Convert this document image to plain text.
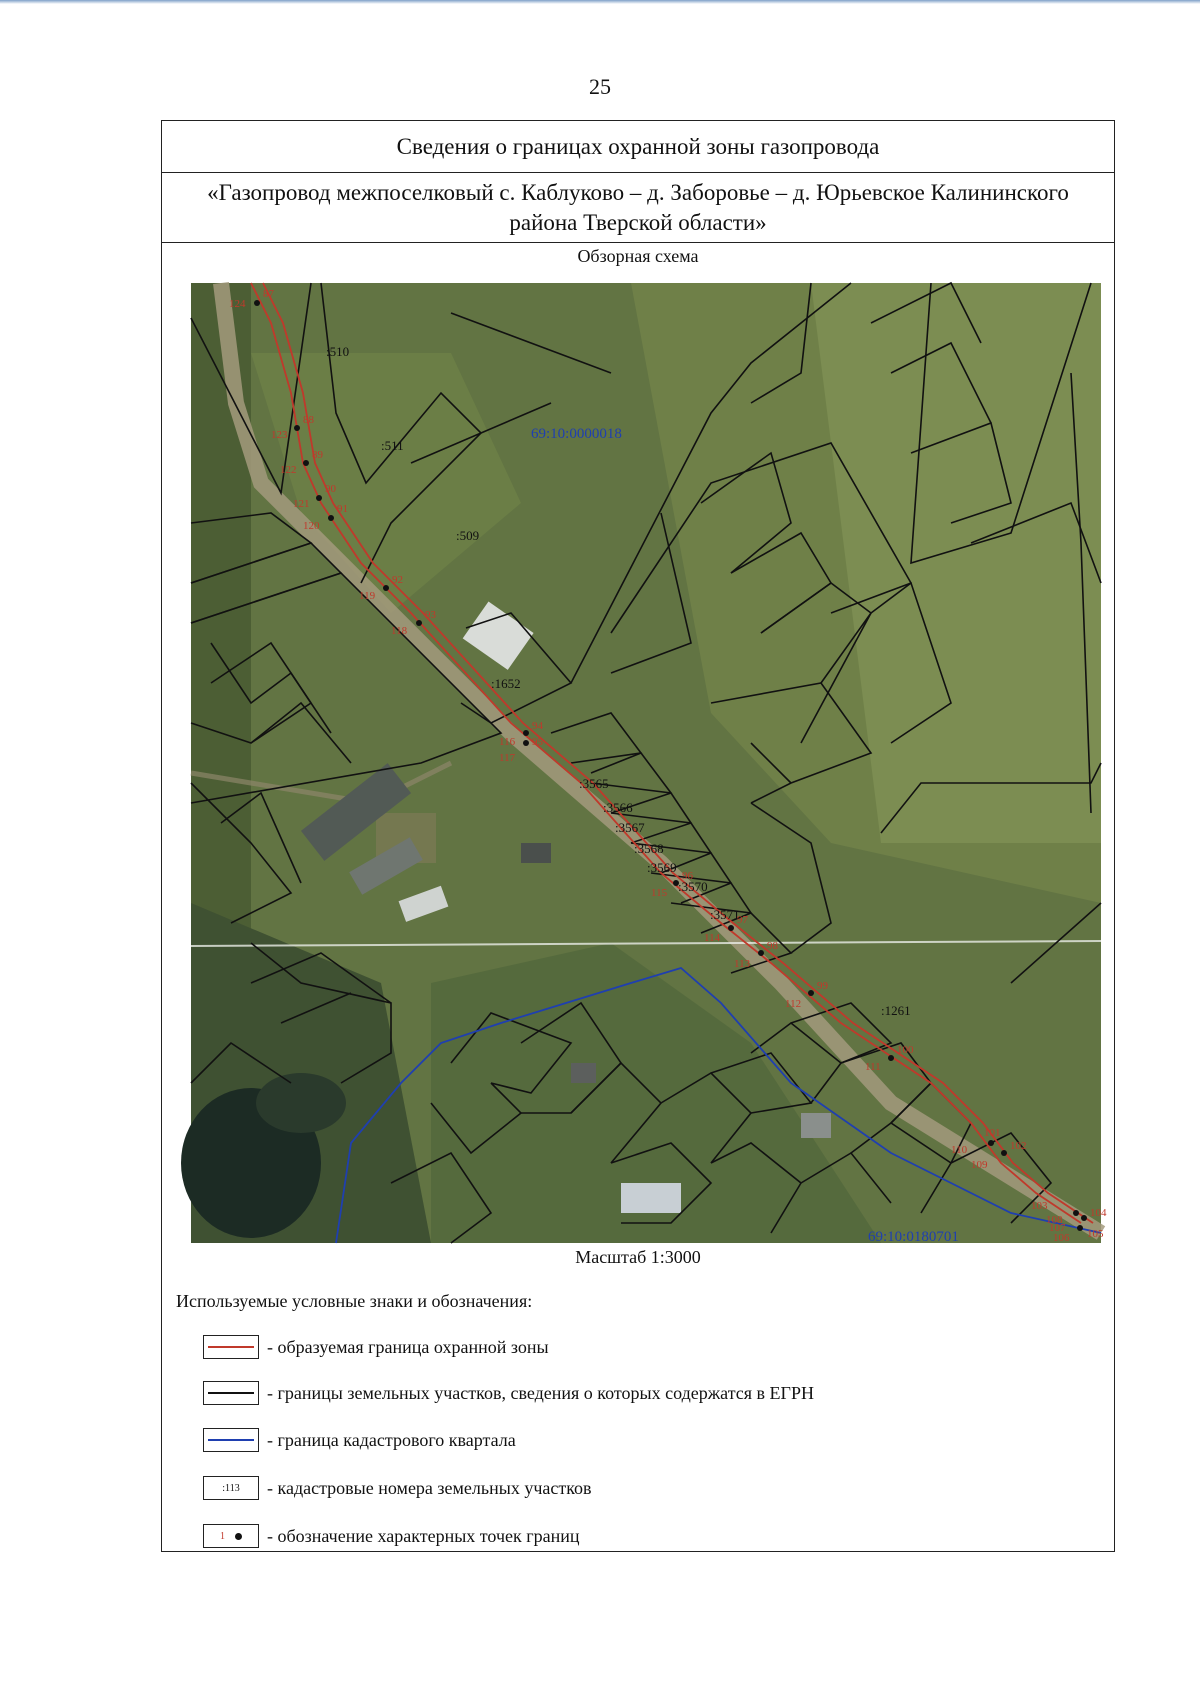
25
Сведения о границах охранной зоны газопровода
«Газопровод межпоселковый с. Каблуково – д. Заборовье – д. Юрьевское Калининского района Тверской области»
Обзорная схема
87
88
89
90
91
92
93
94
95
96
97
98
99
100
101
102
103
104
105
124
123
122
121
120
119
118
117
116
115
114
113
112
111
110
109
108
107
106
:510
:511
:509
:1652
:3565
:3566
:3567
:3568
:3569
:3570
:3571
:1261
69:10:0000018
69:10:0180701
Масштаб 1:3000
Используемые условные знаки и обозначения:
- образуемая граница охранной зоны
- границы земельных участков, сведения о которых содержатся в ЕГРН
- граница кадастрового квартала
:113 - кадастровые номера земельных участков
1 - обозначение характерных точек границ
